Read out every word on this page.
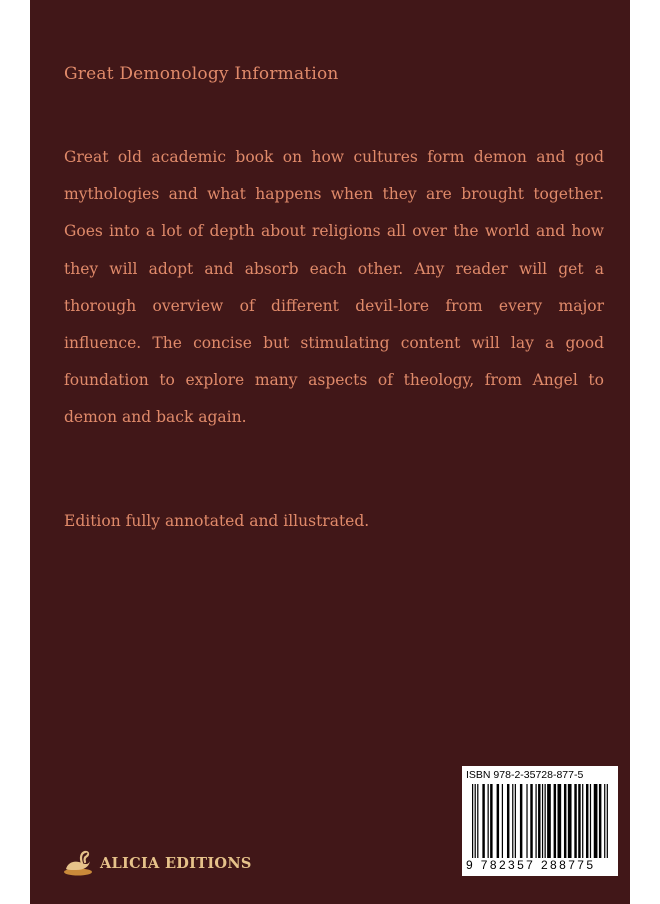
Great Demonology Information

Great old academic book on how cultures form demon and god mythologies and what happens when they are brought together. Goes into a lot of depth about religions all over the world and how they will adopt and absorb each other. Any reader will get a thorough overview of different devil-lore from every major influence. The concise but stimulating content will lay a good foundation to explore many aspects of theology, from Angel to demon and back again.

Edition fully annotated and illustrated.
ALICIA EDITIONS
ISBN 978-2-35728-877-5
9 782357 288775
